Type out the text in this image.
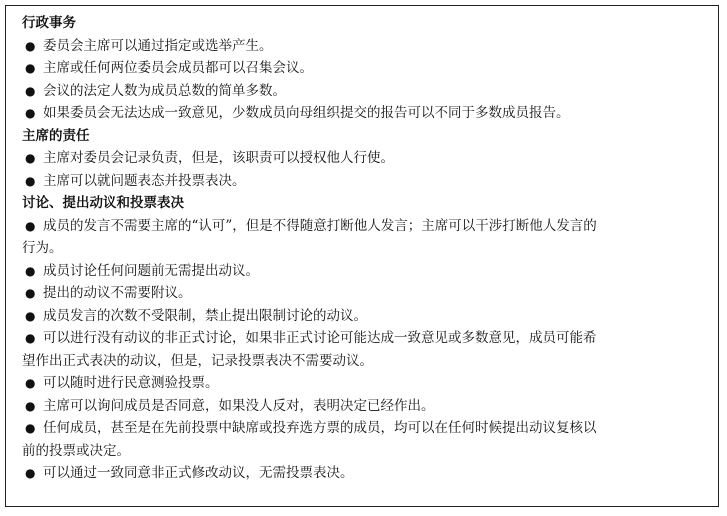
行政事务
● 委员会主席可以通过指定或选举产生。
● 主席或任何两位委员会成员都可以召集会议。
● 会议的法定人数为成员总数的简单多数。
● 如果委员会无法达成一致意见，少数成员向母组织提交的报告可以不同于多数成员报告。
主席的责任
● 主席对委员会记录负责，但是，该职责可以授权他人行使。
● 主席可以就问题表态并投票表决。
讨论、提出动议和投票表决
● 成员的发言不需要主席的“认可”，但是不得随意打断他人发言；主席可以干涉打断他人发言的
行为。
● 成员讨论任何问题前无需提出动议。
● 提出的动议不需要附议。
● 成员发言的次数不受限制，禁止提出限制讨论的动议。
● 可以进行没有动议的非正式讨论，如果非正式讨论可能达成一致意见或多数意见，成员可能希
望作出正式表决的动议，但是，记录投票表决不需要动议。
● 可以随时进行民意测验投票。
● 主席可以询问成员是否同意，如果没人反对，表明决定已经作出。
● 任何成员，甚至是在先前投票中缺席或投弃选方票的成员，均可以在任何时候提出动议复核以
前的投票或决定。
● 可以通过一致同意非正式修改动议，无需投票表决。
